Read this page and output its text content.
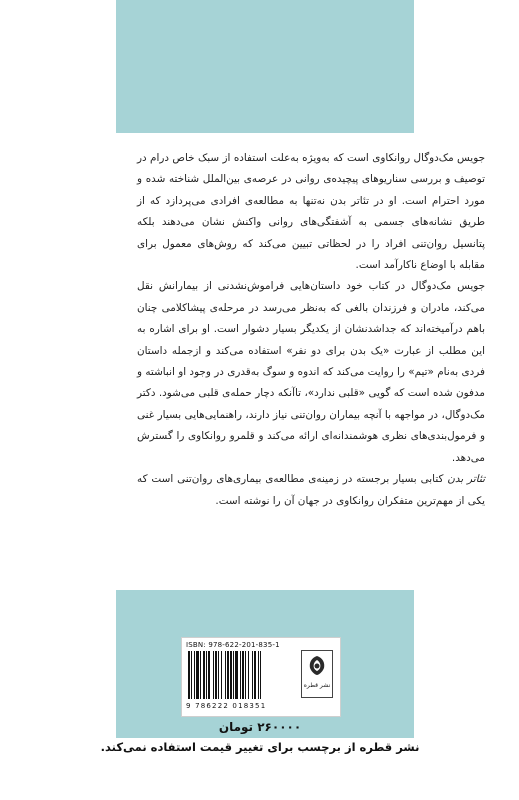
جویس مک‌دوگال روانکاوی است که به‌ویژه به‌علت استفاده از سبک خاص درام در توصیف و بررسی سناریوهای پیچیده‌ی روانی در عرصه‌ی بین‌الملل شناخته شده و مورد احترام است. او در تئاتر بدن نه‌تنها به مطالعه‌ی افرادی می‌پردازد که از طریق نشانه‌های جسمی به آشفتگی‌های روانی واکنش نشان می‌دهند بلکه پتانسیل روان‌تنی افراد را در لحظاتی تبیین می‌کند که روش‌های معمول برای مقابله با اوضاع ناکارآمد است.

جویس مک‌دوگال در کتاب خود داستان‌هایی فراموش‌نشدنی از بیمارانش نقل می‌کند، مادران و فرزندان بالغی که به‌نظر می‌رسد در مرحله‌ی پیشاکلامی چنان باهم درآمیخته‌اند که جداشدنشان از یکدیگر بسیار دشوار است. او برای اشاره به این مطلب از عبارت «یک بدن برای دو نفر» استفاده می‌کند و ازجمله داستان فردی به‌نام «تیم» را روایت می‌کند که اندوه و سوگ به‌قدری در وجود او انباشته و مدفون شده است که گویی «قلبی ندارد»، تاآنکه دچار حمله‌ی قلبی می‌شود. دکتر مک‌دوگال، در مواجهه با آنچه بیماران روان‌تنی نیاز دارند، راهنمایی‌هایی بسیار غنی و فرمول‌بندی‌های نظری هوشمندانه‌ای ارائه می‌کند و قلمرو روانکاوی را گسترش می‌دهد.

تئاتر بدن کتابی بسیار برجسته در زمینه‌ی مطالعه‌ی بیماری‌های روان‌تنی است که یکی از مهم‌ترین متفکران روانکاوی در جهان آن را نوشته است.

ISBN: 978-622-201-835-1
9 786222 018351
نشر قطره
۲۶۰۰۰۰ تومان
نشر قطره از برچسب برای تغییر قیمت استفاده نمی‌کند.
